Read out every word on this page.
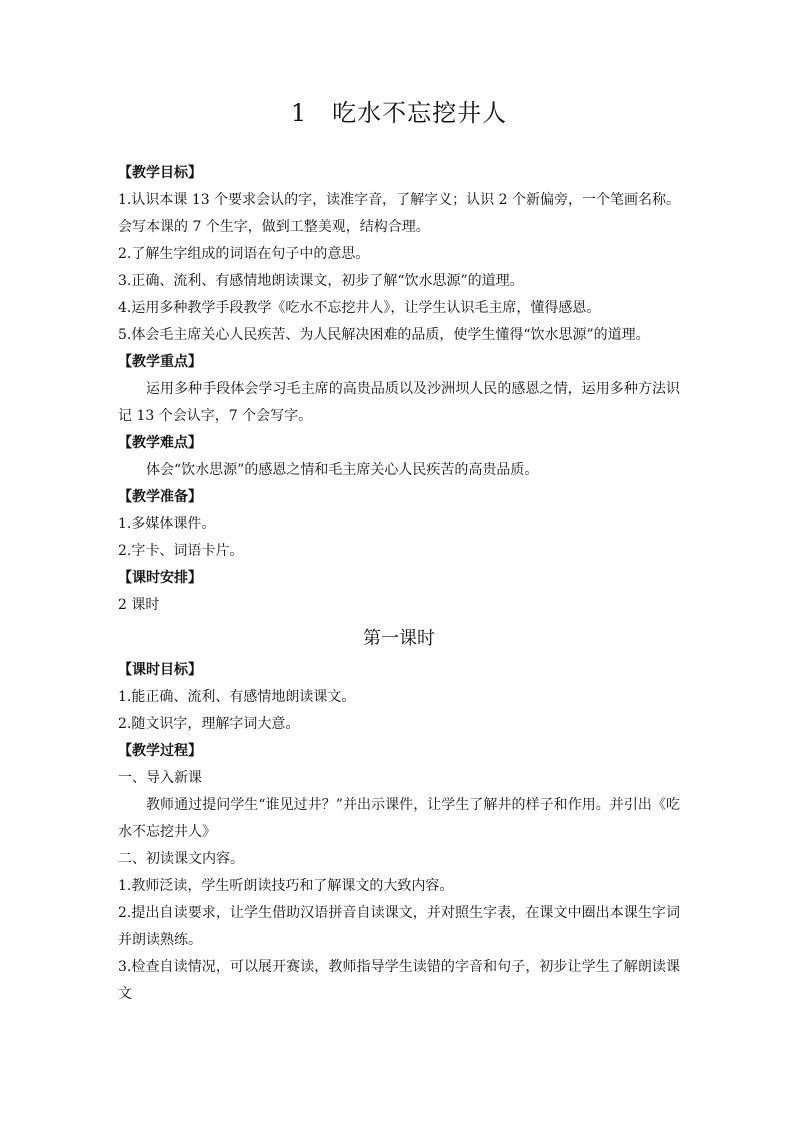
1　吃水不忘挖井人
【教学目标】
1.认识本课 13 个要求会认的字，读准字音，了解字义；认识 2 个新偏旁，一个笔画名称。会写本课的 7 个生字，做到工整美观，结构合理。
2.了解生字组成的词语在句子中的意思。
3.正确、流利、有感情地朗读课文，初步了解“饮水思源”的道理。
4.运用多种教学手段教学《吃水不忘挖井人》，让学生认识毛主席，懂得感恩。
5.体会毛主席关心人民疾苦、为人民解决困难的品质，使学生懂得“饮水思源”的道理。
【教学重点】
运用多种手段体会学习毛主席的高贵品质以及沙洲坝人民的感恩之情，运用多种方法识记 13 个会认字，7 个会写字。
【教学难点】
体会“饮水思源”的感恩之情和毛主席关心人民疾苦的高贵品质。
【教学准备】
1.多媒体课件。
2.字卡、词语卡片。
【课时安排】
2 课时
第一课时
【课时目标】
1.能正确、流利、有感情地朗读课文。
2.随文识字，理解字词大意。
【教学过程】
一、导入新课
教师通过提问学生“谁见过井？”并出示课件，让学生了解井的样子和作用。并引出《吃水不忘挖井人》
二、初读课文内容。
1.教师泛读，学生听朗读技巧和了解课文的大致内容。
2.提出自读要求，让学生借助汉语拼音自读课文，并对照生字表，在课文中圈出本课生字词并朗读熟练。
3.检查自读情况，可以展开赛读，教师指导学生读错的字音和句子，初步让学生了解朗读课文
